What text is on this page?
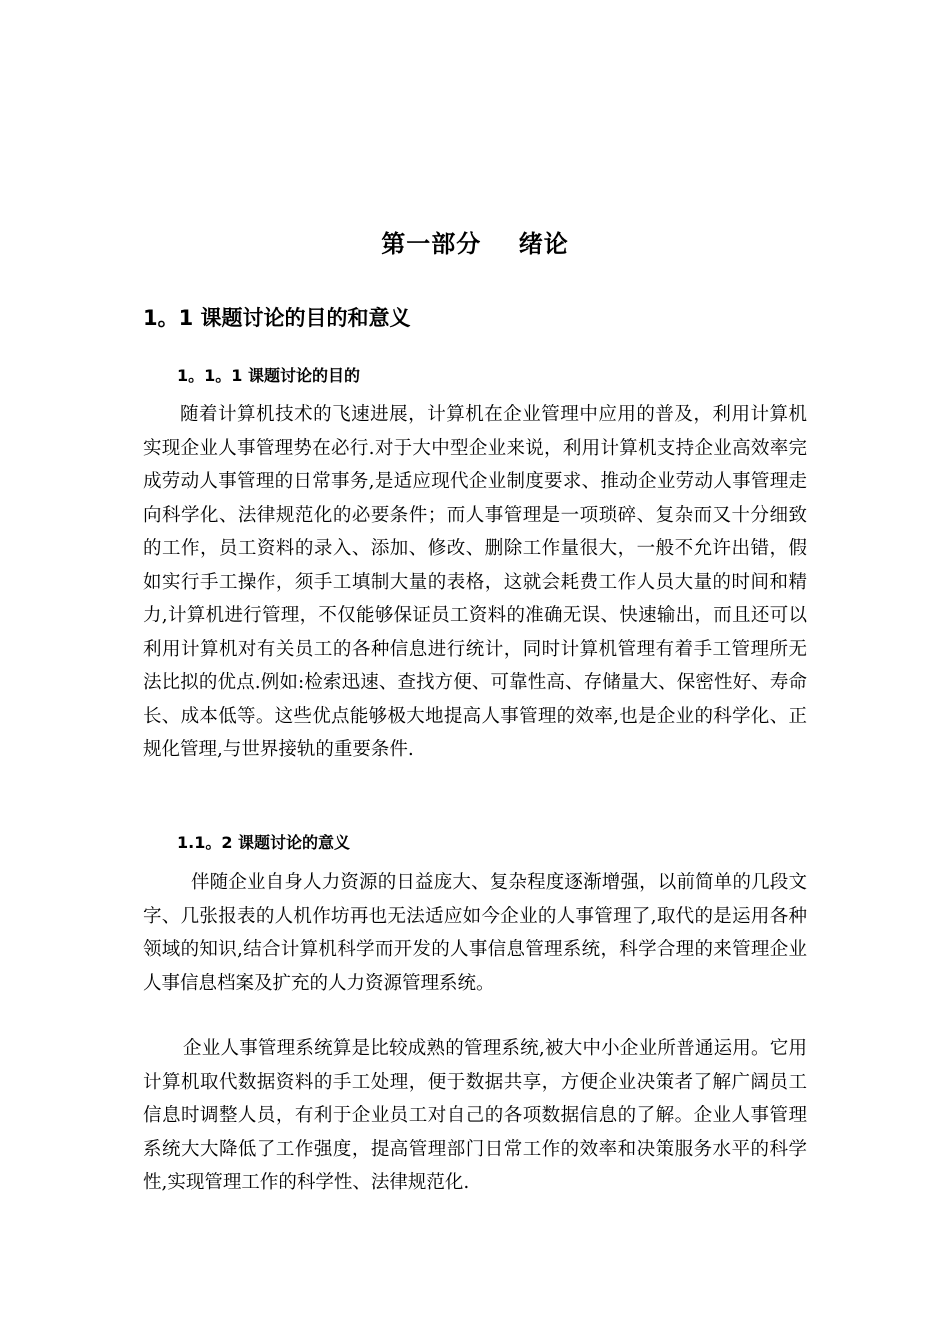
第一部分    绪论
1。1 课题讨论的目的和意义
1。1。1 课题讨论的目的

随着计算机技术的飞速进展，计算机在企业管理中应用的普及，利用计算机实现企业人事管理势在必行.对于大中型企业来说，利用计算机支持企业高效率完成劳动人事管理的日常事务,是适应现代企业制度要求、推动企业劳动人事管理走向科学化、法律规范化的必要条件；而人事管理是一项琐碎、复杂而又十分细致的工作，员工资料的录入、添加、修改、删除工作量很大，一般不允许出错，假如实行手工操作，须手工填制大量的表格，这就会耗费工作人员大量的时间和精力,计算机进行管理，不仅能够保证员工资料的准确无误、快速输出，而且还可以利用计算机对有关员工的各种信息进行统计，同时计算机管理有着手工管理所无法比拟的优点.例如:检索迅速、查找方便、可靠性高、存储量大、保密性好、寿命长、成本低等。这些优点能够极大地提高人事管理的效率,也是企业的科学化、正规化管理,与世界接轨的重要条件.

1.1。2 课题讨论的意义

伴随企业自身人力资源的日益庞大、复杂程度逐渐增强，以前简单的几段文字、几张报表的人机作坊再也无法适应如今企业的人事管理了,取代的是运用各种领域的知识,结合计算机科学而开发的人事信息管理系统，科学合理的来管理企业人事信息档案及扩充的人力资源管理系统。

企业人事管理系统算是比较成熟的管理系统,被大中小企业所普通运用。它用计算机取代数据资料的手工处理，便于数据共享，方便企业决策者了解广阔员工信息时调整人员，有利于企业员工对自己的各项数据信息的了解。企业人事管理系统大大降低了工作强度，提高管理部门日常工作的效率和决策服务水平的科学性,实现管理工作的科学性、法律规范化.
